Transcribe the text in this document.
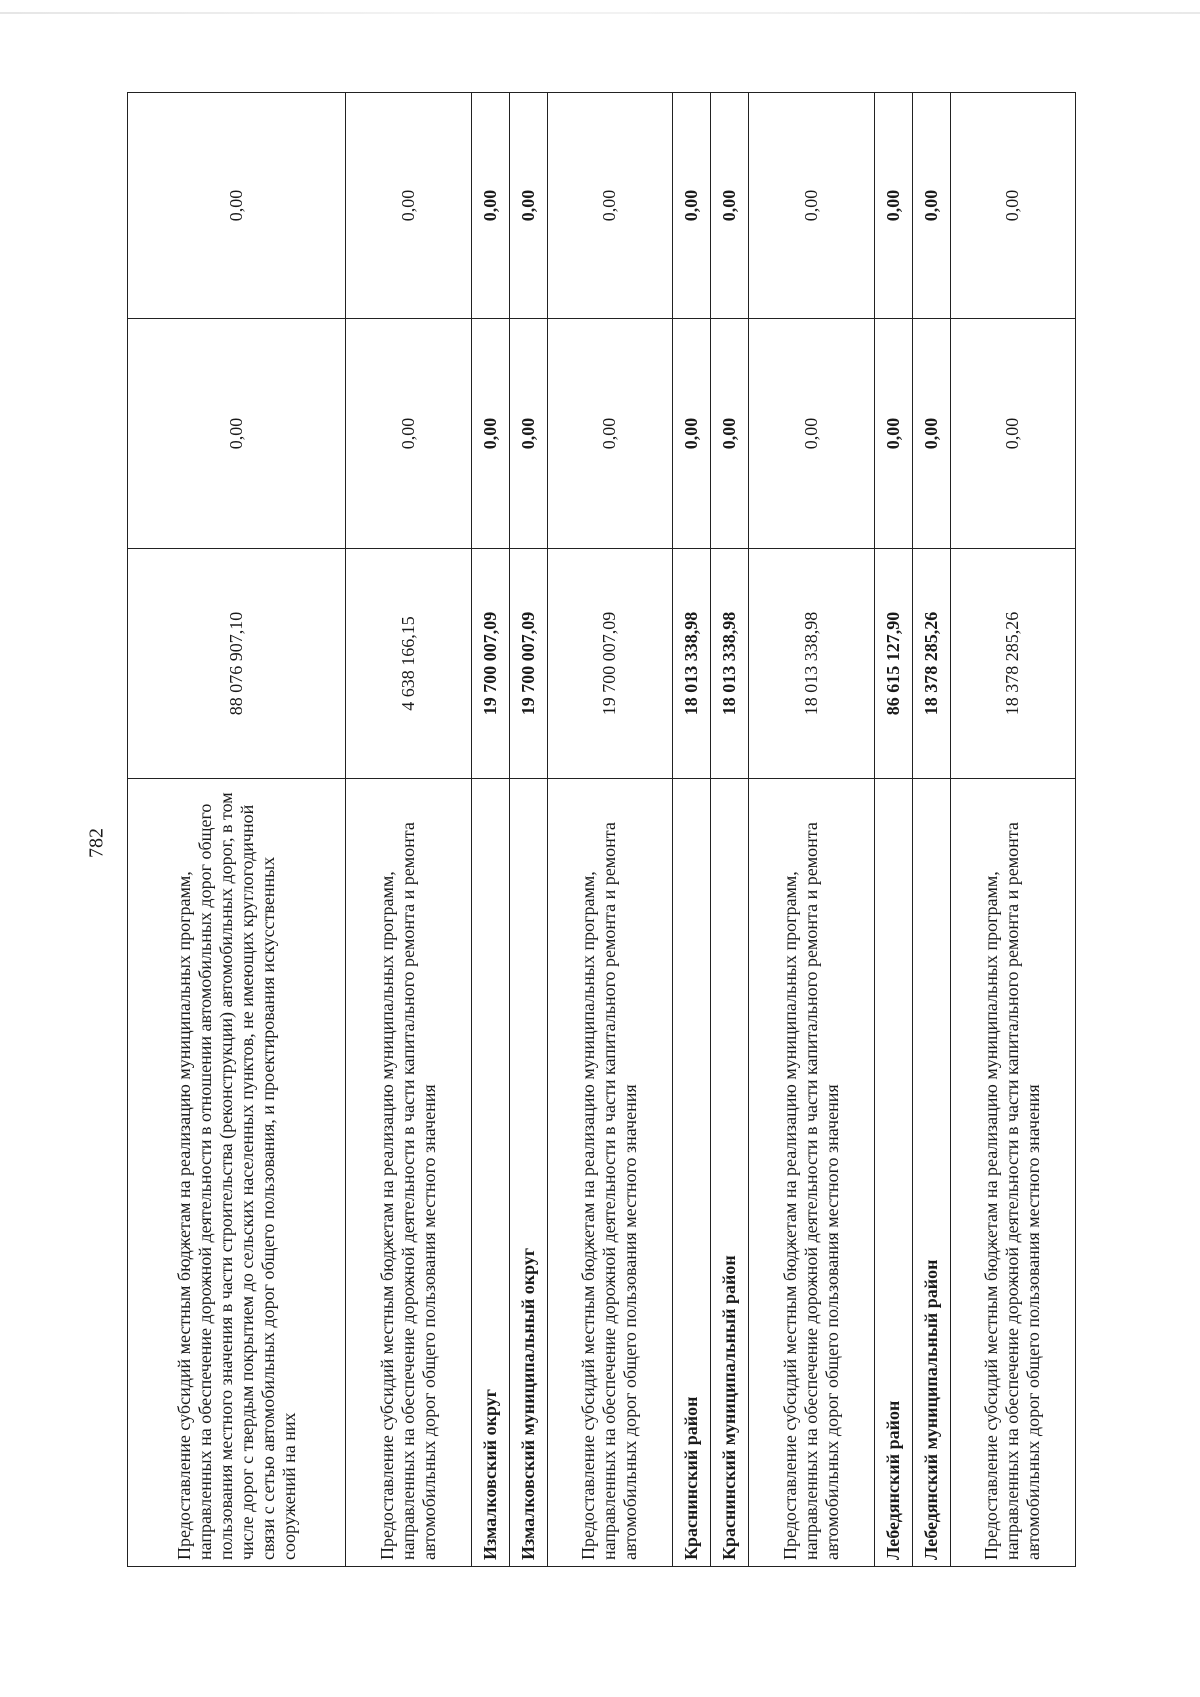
782
Предоставление субсидий местным бюджетам на реализацию муниципальных программ, направленных на обеспечение дорожной деятельности в отношении автомобильных дорог общего пользования местного значения в части строительства (реконструкции) автомобильных дорог, в том числе дорог с твердым покрытием до сельских населенных пунктов, не имеющих круглогодичной связи с сетью автомобильных дорог общего пользования, и проектирования искусственных сооружений на них	88 076 907,10	0,00	0,00
Предоставление субсидий местным бюджетам на реализацию муниципальных программ, направленных на обеспечение дорожной деятельности в части капитального ремонта и ремонта автомобильных дорог общего пользования местного значения	4 638 166,15	0,00	0,00
Измалковский округ	19 700 007,09	0,00	0,00
Измалковский муниципальный округ	19 700 007,09	0,00	0,00
Предоставление субсидий местным бюджетам на реализацию муниципальных программ, направленных на обеспечение дорожной деятельности в части капитального ремонта и ремонта автомобильных дорог общего пользования местного значения	19 700 007,09	0,00	0,00
Краснинский район	18 013 338,98	0,00	0,00
Краснинский муниципальный район	18 013 338,98	0,00	0,00
Предоставление субсидий местным бюджетам на реализацию муниципальных программ, направленных на обеспечение дорожной деятельности в части капитального ремонта и ремонта автомобильных дорог общего пользования местного значения	18 013 338,98	0,00	0,00
Лебедянский район	86 615 127,90	0,00	0,00
Лебедянский муниципальный район	18 378 285,26	0,00	0,00
Предоставление субсидий местным бюджетам на реализацию муниципальных программ, направленных на обеспечение дорожной деятельности в части капитального ремонта и ремонта автомобильных дорог общего пользования местного значения	18 378 285,26	0,00	0,00
